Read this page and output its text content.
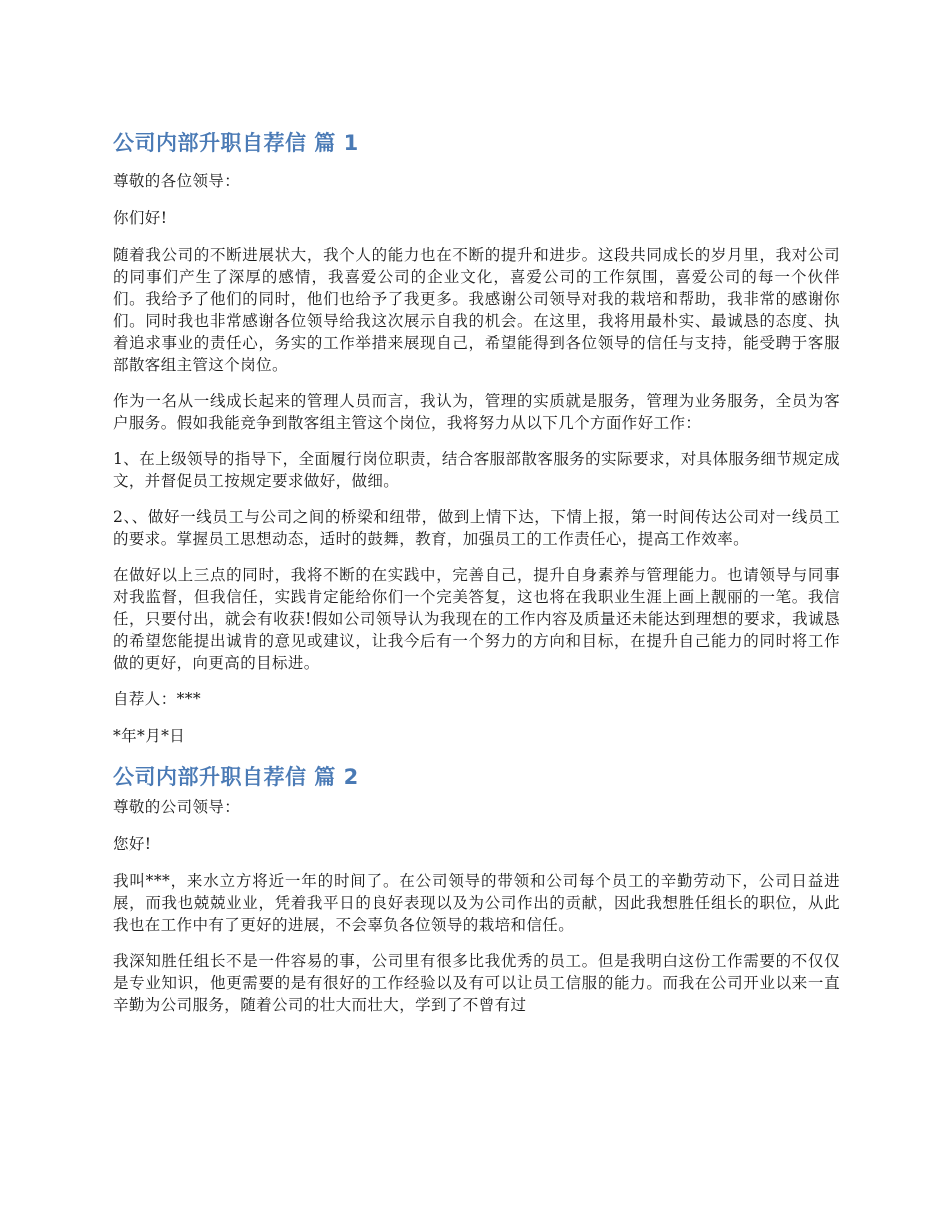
公司内部升职自荐信 篇 1

尊敬的各位领导：

你们好!

随着我公司的不断进展状大，我个人的能力也在不断的提升和进步。这段共同成长的岁月里，我对公司的同事们产生了深厚的感情，我喜爱公司的企业文化，喜爱公司的工作氛围，喜爱公司的每一个伙伴们。我给予了他们的同时，他们也给予了我更多。我感谢公司领导对我的栽培和帮助，我非常的感谢你们。同时我也非常感谢各位领导给我这次展示自我的机会。在这里，我将用最朴实、最诚恳的态度、执着追求事业的责任心，务实的工作举措来展现自己，希望能得到各位领导的信任与支持，能受聘于客服部散客组主管这个岗位。

作为一名从一线成长起来的管理人员而言，我认为，管理的实质就是服务，管理为业务服务，全员为客户服务。假如我能竞争到散客组主管这个岗位，我将努力从以下几个方面作好工作：

1、在上级领导的指导下，全面履行岗位职责，结合客服部散客服务的实际要求，对具体服务细节规定成文，并督促员工按规定要求做好，做细。

2、、做好一线员工与公司之间的桥梁和纽带，做到上情下达，下情上报，第一时间传达公司对一线员工的要求。掌握员工思想动态，适时的鼓舞，教育，加强员工的工作责任心，提高工作效率。

在做好以上三点的同时，我将不断的在实践中，完善自己，提升自身素养与管理能力。也请领导与同事对我监督，但我信任，实践肯定能给你们一个完美答复，这也将在我职业生涯上画上靓丽的一笔。我信任，只要付出，就会有收获!假如公司领导认为我现在的工作内容及质量还未能达到理想的要求，我诚恳的希望您能提出诚肯的意见或建议，让我今后有一个努力的方向和目标，在提升自己能力的同时将工作做的更好，向更高的目标进。

自荐人：***

*年*月*日

公司内部升职自荐信 篇 2

尊敬的公司领导：

您好!

我叫***，来水立方将近一年的时间了。在公司领导的带领和公司每个员工的辛勤劳动下，公司日益进展，而我也兢兢业业，凭着我平日的良好表现以及为公司作出的贡献，因此我想胜任组长的职位，从此我也在工作中有了更好的进展，不会辜负各位领导的栽培和信任。

我深知胜任组长不是一件容易的事，公司里有很多比我优秀的员工。但是我明白这份工作需要的不仅仅是专业知识，他更需要的是有很好的工作经验以及有可以让员工信服的能力。而我在公司开业以来一直辛勤为公司服务，随着公司的壮大而壮大，学到了不曾有过
